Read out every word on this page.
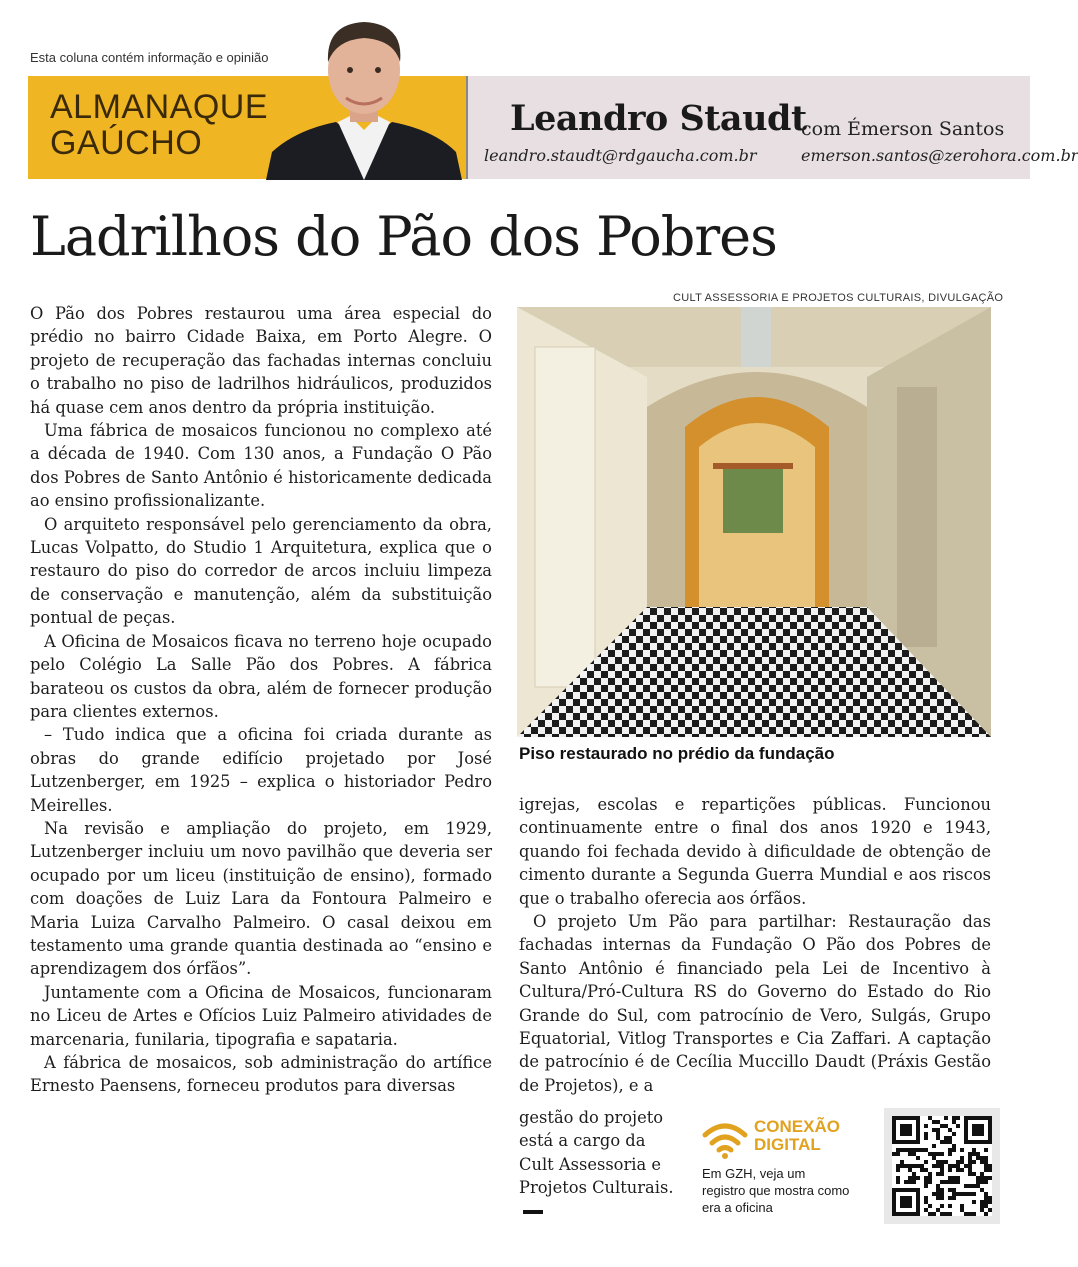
Esta coluna contém informação e opinião
ALMANAQUE
GAÚCHO
Leandro Staudt
leandro.staudt@rdgaucha.com.br
com Émerson Santos
emerson.santos@zerohora.com.br
Ladrilhos do Pão dos Pobres
CULT ASSESSORIA E PROJETOS CULTURAIS, DIVULGAÇÃO
Piso restaurado no prédio da fundação

O Pão dos Pobres restaurou uma área especial do prédio no bairro Cidade Baixa, em Porto Alegre. O projeto de recuperação das fachadas internas concluiu o trabalho no piso de ladrilhos hidráulicos, produzidos há quase cem anos dentro da própria instituição.

Uma fábrica de mosaicos funcionou no complexo até a década de 1940. Com 130 anos, a Fundação O Pão dos Pobres de Santo Antônio é historicamente dedicada ao ensino profissionalizante.

O arquiteto responsável pelo gerenciamento da obra, Lucas Volpatto, do Studio 1 Arquitetura, explica que o restauro do piso do corredor de arcos incluiu limpeza de conservação e manutenção, além da substituição pontual de peças.

A Oficina de Mosaicos ficava no terreno hoje ocupado pelo Colégio La Salle Pão dos Pobres. A fábrica barateou os custos da obra, além de fornecer produção para clientes externos.

– Tudo indica que a oficina foi criada durante as obras do grande edifício projetado por José Lutzenberger, em 1925 – explica o historiador Pedro Meirelles.

Na revisão e ampliação do projeto, em 1929, Lutzenberger incluiu um novo pavilhão que deveria ser ocupado por um liceu (instituição de ensino), formado com doações de Luiz Lara da Fontoura Palmeiro e Maria Luiza Carvalho Palmeiro. O casal deixou em testamento uma grande quantia destinada ao “ensino e aprendizagem dos órfãos”.

Juntamente com a Oficina de Mosaicos, funcionaram no Liceu de Artes e Ofícios Luiz Palmeiro atividades de marcenaria, funilaria, tipografia e sapataria.

A fábrica de mosaicos, sob administração do artífice Ernesto Paensens, forneceu produtos para diversas

igrejas, escolas e repartições públicas. Funcionou continuamente entre o final dos anos 1920 e 1943, quando foi fechada devido à dificuldade de obtenção de cimento durante a Segunda Guerra Mundial e aos riscos que o trabalho oferecia aos órfãos.

O projeto Um Pão para partilhar: Restauração das fachadas internas da Fundação O Pão dos Pobres de Santo Antônio é financiado pela Lei de Incentivo à Cultura/Pró-Cultura RS do Governo do Estado do Rio Grande do Sul, com patrocínio de Vero, Sulgás, Grupo Equatorial, Vitlog Transportes e Cia Zaffari. A captação de patrocínio é de Cecília Muccillo Daudt (Práxis Gestão de Projetos), e a

gestão do projeto está a cargo da Cult Assessoria e Projetos Culturais.

CONEXÃO
DIGITAL
Em GZH, veja um registro que mostra como era a oficina
